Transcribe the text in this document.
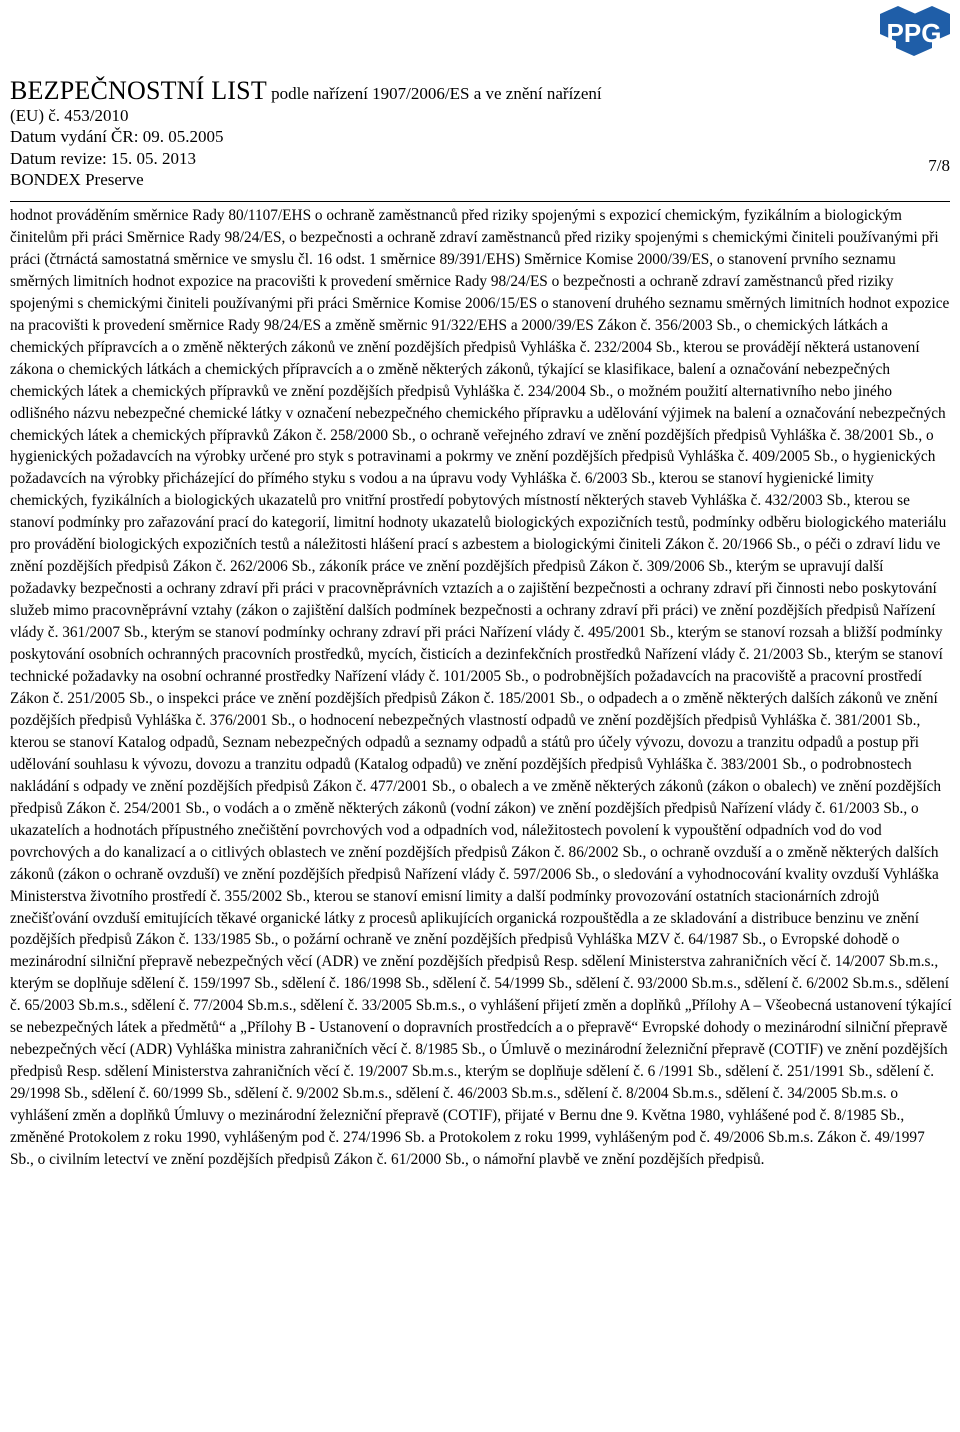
PPG
BEZPEČNOSTNÍ LIST podle nařízení 1907/2006/ES a ve znění nařízení
(EU) č. 453/2010
Datum vydání ČR: 09. 05.2005
Datum revize: 15. 05. 2013
BONDEX Preserve
7/8

hodnot prováděním směrnice Rady 80/1107/EHS o ochraně zaměstnanců před riziky spojenými s expozicí chemickým, fyzikálním a biologickým činitelům při práci Směrnice Rady 98/24/ES, o bezpečnosti a ochraně zdraví zaměstnanců před riziky spojenými s chemickými činiteli používanými při práci (čtrnáctá samostatná směrnice ve smyslu čl. 16 odst. 1 směrnice 89/391/EHS) Směrnice Komise 2000/39/ES, o stanovení prvního seznamu směrných limitních hodnot expozice na pracovišti k provedení směrnice Rady 98/24/ES o bezpečnosti a ochraně zdraví zaměstnanců před riziky spojenými s chemickými činiteli používanými při práci Směrnice Komise 2006/15/ES o stanovení druhého seznamu směrných limitních hodnot expozice na pracovišti k provedení směrnice Rady 98/24/ES a změně směrnic 91/322/EHS a 2000/39/ES Zákon č. 356/2003 Sb., o chemických látkách a chemických přípravcích a o změně některých zákonů ve znění pozdějších předpisů Vyhláška č. 232/2004 Sb., kterou se provádějí některá ustanovení zákona o chemických látkách a chemických přípravcích a o změně některých zákonů, týkající se klasifikace, balení a označování nebezpečných chemických látek a chemických přípravků ve znění pozdějších předpisů Vyhláška č. 234/2004 Sb., o možném použití alternativního nebo jiného odlišného názvu nebezpečné chemické látky v označení nebezpečného chemického přípravku a udělování výjimek na balení a označování nebezpečných chemických látek a chemických přípravků Zákon č. 258/2000 Sb., o ochraně veřejného zdraví ve znění pozdějších předpisů Vyhláška č. 38/2001 Sb., o hygienických požadavcích na výrobky určené pro styk s potravinami a pokrmy ve znění pozdějších předpisů Vyhláška č. 409/2005 Sb., o hygienických požadavcích na výrobky přicházející do přímého styku s vodou a na úpravu vody Vyhláška č. 6/2003 Sb., kterou se stanoví hygienické limity chemických, fyzikálních a biologických ukazatelů pro vnitřní prostředí pobytových místností některých staveb Vyhláška č. 432/2003 Sb., kterou se stanoví podmínky pro zařazování prací do kategorií, limitní hodnoty ukazatelů biologických expozičních testů, podmínky odběru biologického materiálu pro provádění biologických expozičních testů a náležitosti hlášení prací s azbestem a biologickými činiteli Zákon č. 20/1966 Sb., o péči o zdraví lidu ve znění pozdějších předpisů Zákon č. 262/2006 Sb., zákoník práce ve znění pozdějších předpisů Zákon č. 309/2006 Sb., kterým se upravují další požadavky bezpečnosti a ochrany zdraví při práci v pracovněprávních vztazích a o zajištění bezpečnosti a ochrany zdraví při činnosti nebo poskytování služeb mimo pracovněprávní vztahy (zákon o zajištění dalších podmínek bezpečnosti a ochrany zdraví při práci) ve znění pozdějších předpisů Nařízení vlády č. 361/2007 Sb., kterým se stanoví podmínky ochrany zdraví při práci Nařízení vlády č. 495/2001 Sb., kterým se stanoví rozsah a bližší podmínky poskytování osobních ochranných pracovních prostředků, mycích, čisticích a dezinfekčních prostředků Nařízení vlády č. 21/2003 Sb., kterým se stanoví technické požadavky na osobní ochranné prostředky Nařízení vlády č. 101/2005 Sb., o podrobnějších požadavcích na pracoviště a pracovní prostředí Zákon č. 251/2005 Sb., o inspekci práce ve znění pozdějších předpisů Zákon č. 185/2001 Sb., o odpadech a o změně některých dalších zákonů ve znění pozdějších předpisů Vyhláška č. 376/2001 Sb., o hodnocení nebezpečných vlastností odpadů ve znění pozdějších předpisů Vyhláška č. 381/2001 Sb., kterou se stanoví Katalog odpadů, Seznam nebezpečných odpadů a seznamy odpadů a států pro účely vývozu, dovozu a tranzitu odpadů a postup při udělování souhlasu k vývozu, dovozu a tranzitu odpadů (Katalog odpadů) ve znění pozdějších předpisů Vyhláška č. 383/2001 Sb., o podrobnostech nakládání s odpady ve znění pozdějších předpisů Zákon č. 477/2001 Sb., o obalech a ve změně některých zákonů (zákon o obalech) ve znění pozdějších předpisů Zákon č. 254/2001 Sb., o vodách a o změně některých zákonů (vodní zákon) ve znění pozdějších předpisů Nařízení vlády č. 61/2003 Sb., o ukazatelích a hodnotách přípustného znečištění povrchových vod a odpadních vod, náležitostech povolení k vypouštění odpadních vod do vod povrchových a do kanalizací a o citlivých oblastech ve znění pozdějších předpisů Zákon č. 86/2002 Sb., o ochraně ovzduší a o změně některých dalších zákonů (zákon o ochraně ovzduší) ve znění pozdějších předpisů Nařízení vlády č. 597/2006 Sb., o sledování a vyhodnocování kvality ovzduší Vyhláška Ministerstva životního prostředí č. 355/2002 Sb., kterou se stanoví emisní limity a další podmínky provozování ostatních stacionárních zdrojů znečišťování ovzduší emitujících těkavé organické látky z procesů aplikujících organická rozpouštědla a ze skladování a distribuce benzinu ve znění pozdějších předpisů Zákon č. 133/1985 Sb., o požární ochraně ve znění pozdějších předpisů Vyhláška MZV č. 64/1987 Sb., o Evropské dohodě o mezinárodní silniční přepravě nebezpečných věcí (ADR) ve znění pozdějších předpisů Resp. sdělení Ministerstva zahraničních věcí č. 14/2007 Sb.m.s., kterým se doplňuje sdělení č. 159/1997 Sb., sdělení č. 186/1998 Sb., sdělení č. 54/1999 Sb., sdělení č. 93/2000 Sb.m.s., sdělení č. 6/2002 Sb.m.s., sdělení č. 65/2003 Sb.m.s., sdělení č. 77/2004 Sb.m.s., sdělení č. 33/2005 Sb.m.s., o vyhlášení přijetí změn a doplňků „Přílohy A – Všeobecná ustanovení týkající se nebezpečných látek a předmětů“ a „Přílohy B - Ustanovení o dopravních prostředcích a o přepravě“ Evropské dohody o mezinárodní silniční přepravě nebezpečných věcí (ADR) Vyhláška ministra zahraničních věcí č. 8/1985 Sb., o Úmluvě o mezinárodní železniční přepravě (COTIF) ve znění pozdějších předpisů Resp. sdělení Ministerstva zahraničních věcí č. 19/2007 Sb.m.s., kterým se doplňuje sdělení č. 6 /1991 Sb., sdělení č. 251/1991 Sb., sdělení č. 29/1998 Sb., sdělení č. 60/1999 Sb., sdělení č. 9/2002 Sb.m.s., sdělení č. 46/2003 Sb.m.s., sdělení č. 8/2004 Sb.m.s., sdělení č. 34/2005 Sb.m.s. o vyhlášení změn a doplňků Úmluvy o mezinárodní železniční přepravě (COTIF), přijaté v Bernu dne 9. Května 1980, vyhlášené pod č. 8/1985 Sb., změněné Protokolem z roku 1990, vyhlášeným pod č. 274/1996 Sb. a Protokolem z roku 1999, vyhlášeným pod č. 49/2006 Sb.m.s. Zákon č. 49/1997 Sb., o civilním letectví ve znění pozdějších předpisů Zákon č. 61/2000 Sb., o námořní plavbě ve znění pozdějších předpisů.
